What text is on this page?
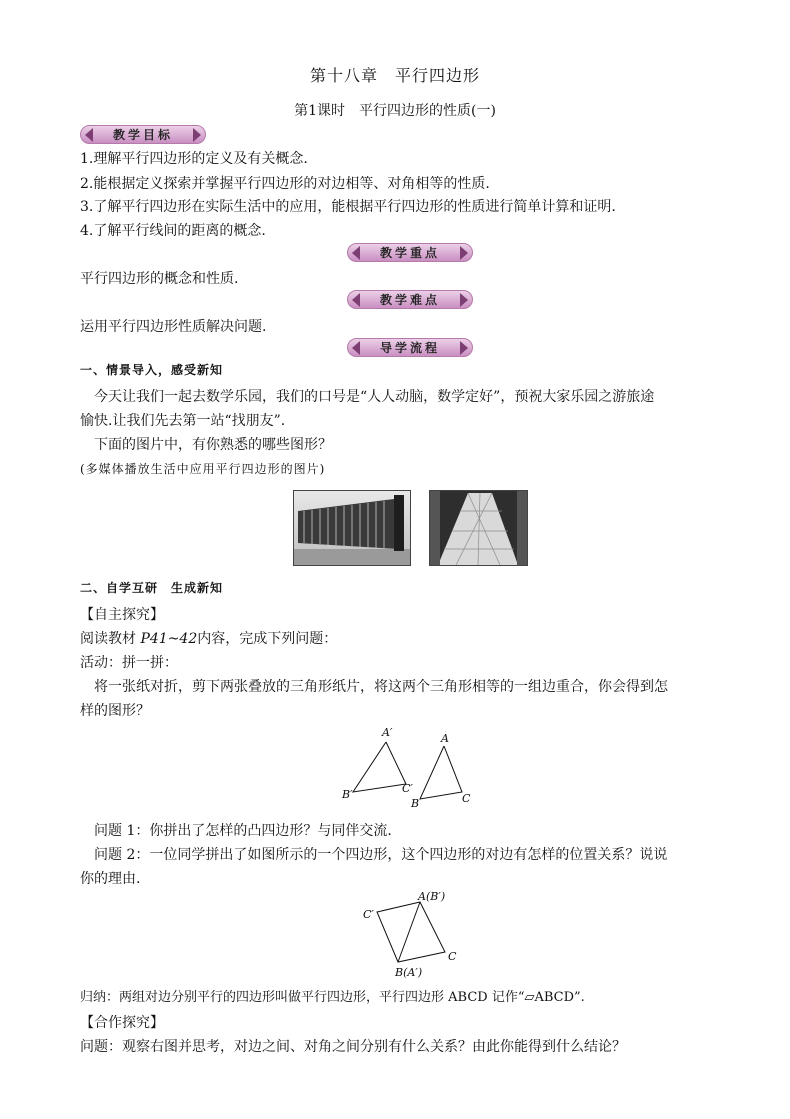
第十八章　平行四边形
第1课时　平行四边形的性质(一)
教学目标
1.理解平行四边形的定义及有关概念.
2.能根据定义探索并掌握平行四边形的对边相等、对角相等的性质.
3.了解平行四边形在实际生活中的应用，能根据平行四边形的性质进行简单计算和证明.
4.了解平行线间的距离的概念.
教学重点
平行四边形的概念和性质.
教学难点
运用平行四边形性质解决问题.
导学流程
一、情景导入，感受新知
今天让我们一起去数学乐园，我们的口号是“人人动脑，数学定好”，预祝大家乐园之游旅途
愉快.让我们先去第一站“找朋友”.
下面的图片中，有你熟悉的哪些图形？
(多媒体播放生活中应用平行四边形的图片)
二、自学互研　生成新知
【自主探究】
阅读教材 P41~42内容，完成下列问题：
活动：拼一拼：
将一张纸对折，剪下两张叠放的三角形纸片，将这两个三角形相等的一组边重合，你会得到怎
样的图形？
A′
B′	C′
A
B	C
问题 1：你拼出了怎样的凸四边形？与同伴交流.
问题 2：一位同学拼出了如图所示的一个四边形，这个四边形的对边有怎样的位置关系？说说
你的理由.
A(B′)
C′
B(A′)
C
归纳：两组对边分别平行的四边形叫做平行四边形，平行四边形 ABCD 记作“▱ABCD”.
【合作探究】
问题：观察右图并思考，对边之间、对角之间分别有什么关系？由此你能得到什么结论？
